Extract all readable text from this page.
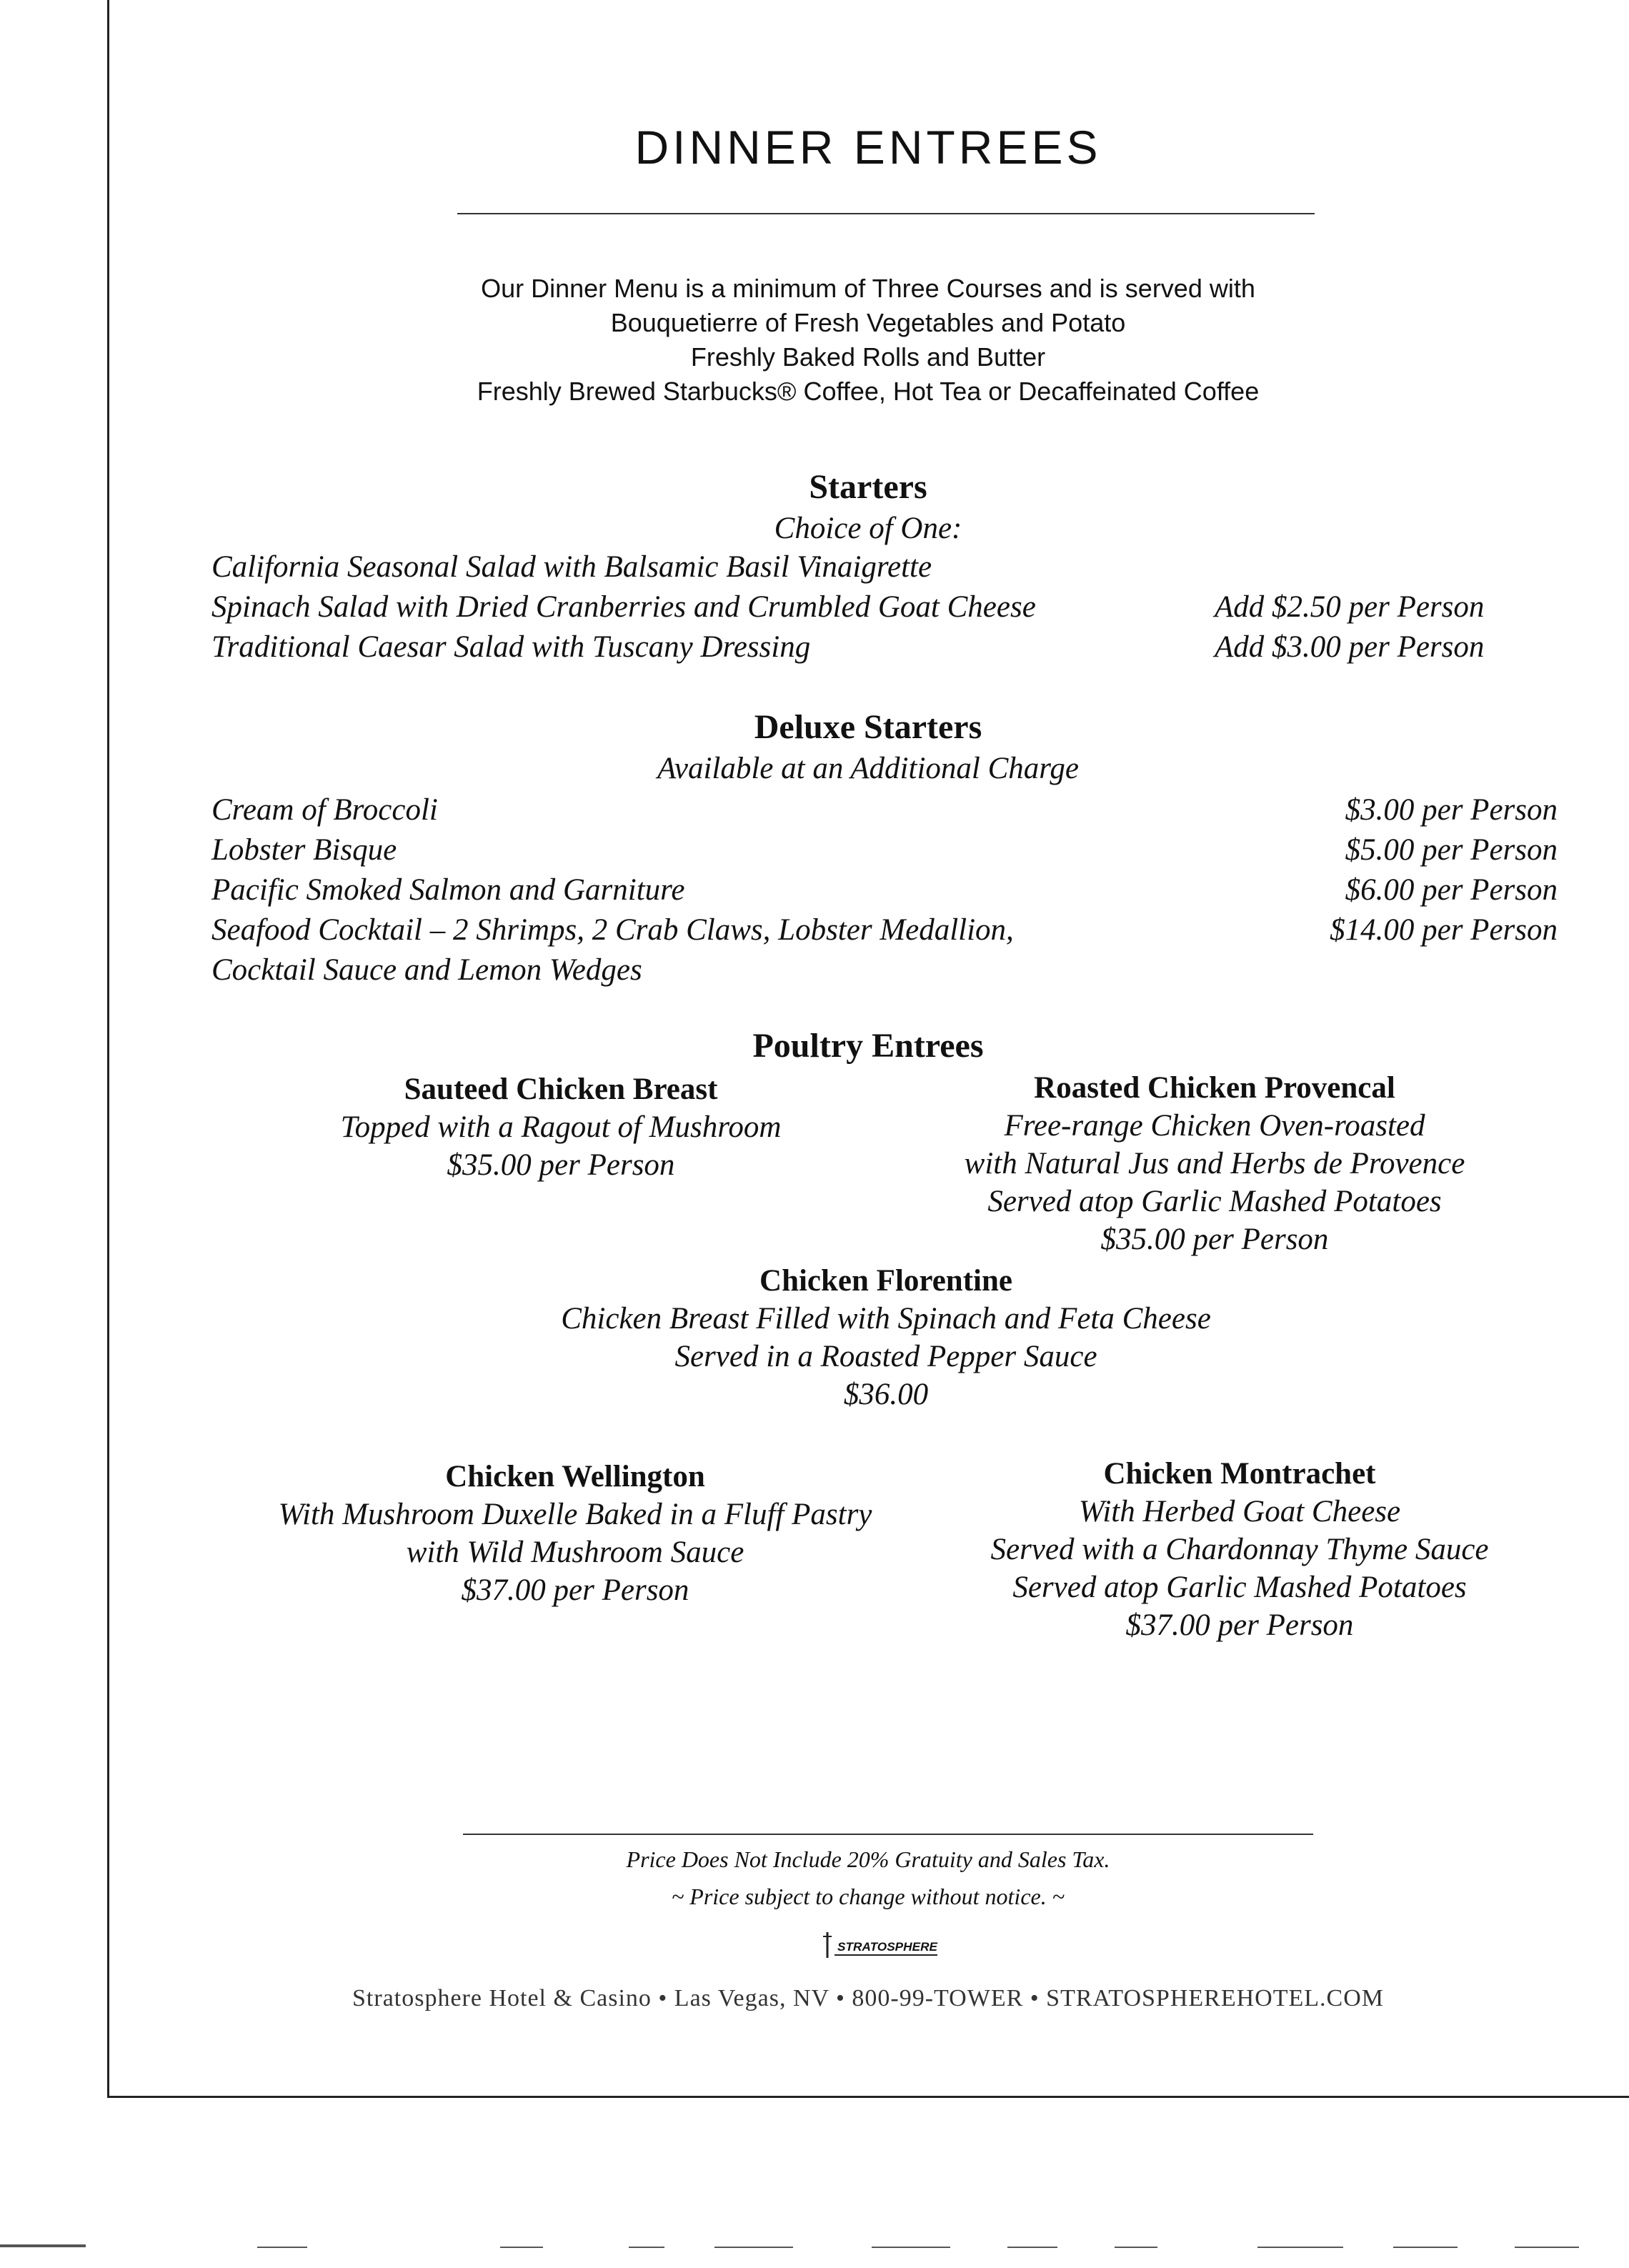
DINNER ENTREES
Our Dinner Menu is a minimum of Three Courses and is served with
Bouquetierre of Fresh Vegetables and Potato
Freshly Baked Rolls and Butter
Freshly Brewed Starbucks® Coffee, Hot Tea or Decaffeinated Coffee
Starters
Choice of One:
California Seasonal Salad with Balsamic Basil Vinaigrette
Spinach Salad with Dried Cranberries and Crumbled Goat Cheese
Traditional Caesar Salad with Tuscany Dressing
Add $2.50 per Person
Add $3.00 per Person
Deluxe Starters
Available at an Additional Charge
Cream of Broccoli
Lobster Bisque
Pacific Smoked Salmon and Garniture
Seafood Cocktail – 2 Shrimps, 2 Crab Claws, Lobster Medallion,
Cocktail Sauce and Lemon Wedges
$3.00 per Person
$5.00 per Person
$6.00 per Person
$14.00 per Person
Poultry Entrees
Sauteed Chicken Breast
Topped with a Ragout of Mushroom
$35.00 per Person
Roasted Chicken Provencal
Free-range Chicken Oven-roasted
with Natural Jus and Herbs de Provence
Served atop Garlic Mashed Potatoes
$35.00 per Person
Chicken Florentine
Chicken Breast Filled with Spinach and Feta Cheese
Served in a Roasted Pepper Sauce
$36.00
Chicken Wellington
With Mushroom Duxelle Baked in a Fluff Pastry
with Wild Mushroom Sauce
$37.00 per Person
Chicken Montrachet
With Herbed Goat Cheese
Served with a Chardonnay Thyme Sauce
Served atop Garlic Mashed Potatoes
$37.00 per Person
Price Does Not Include 20% Gratuity and Sales Tax.
~ Price subject to change without notice. ~
STRATOSPHERE
Stratosphere Hotel & Casino • Las Vegas, NV • 800-99-TOWER • STRATOSPHEREHOTEL.COM
